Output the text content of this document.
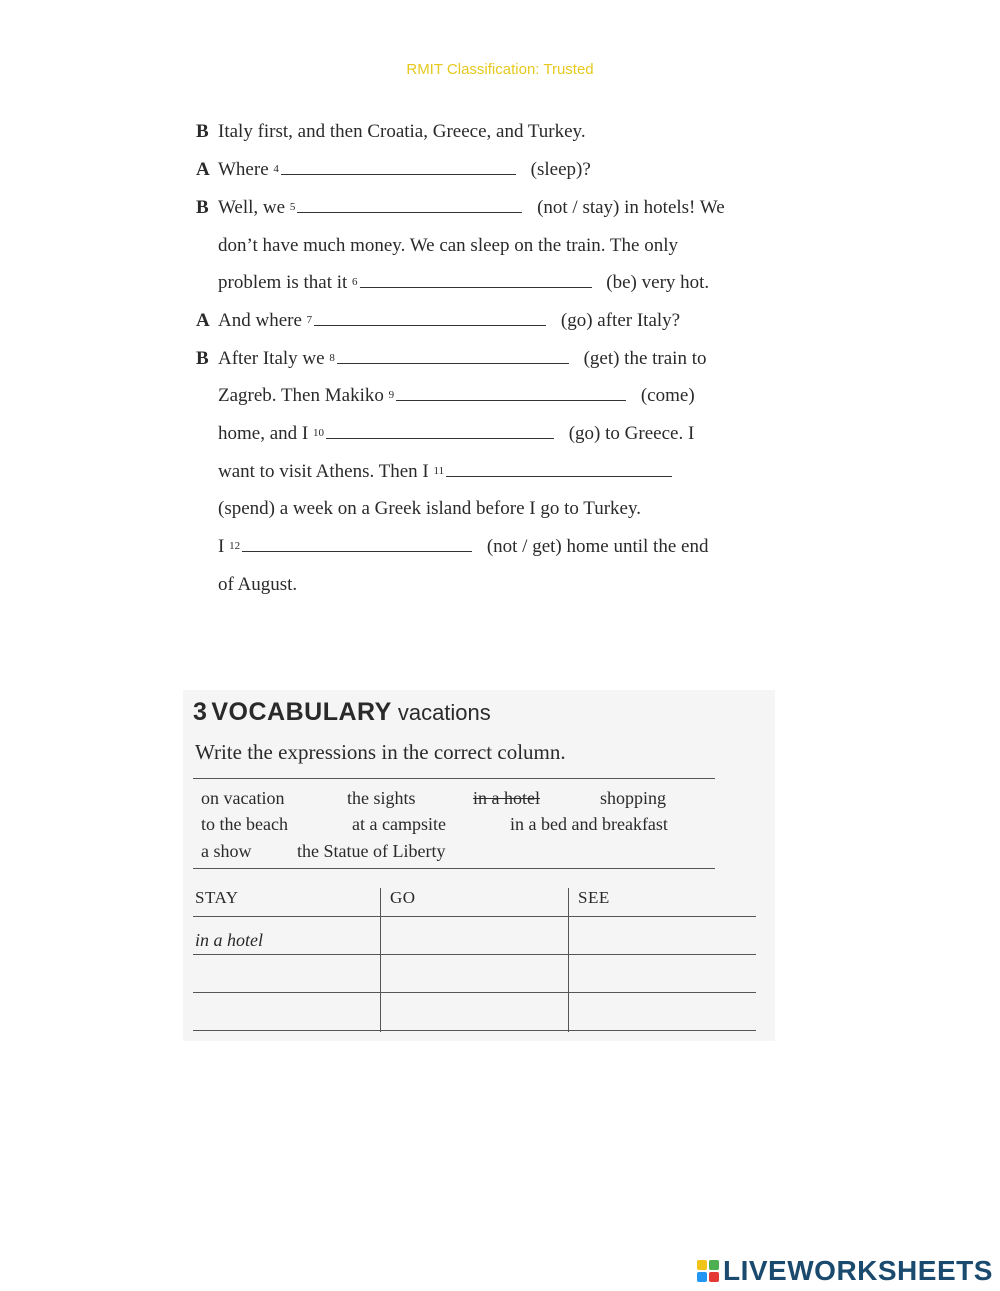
RMIT Classification: Trusted
B Italy first, and then Croatia, Greece, and Turkey.
A Where $^4$	(sleep)?
B Well, we $^5$	(not / stay) in hotels! We
don’t have much money. We can sleep on the train. The only
problem is that it $^6$	(be) very hot.
A And where $^7$	(go) after Italy?
B After Italy we $^8$	(get) the train to
Zagreb. Then Makiko $^9$	(come)
home, and I $^{10}$	(go) to Greece. I
want to visit Athens. Then I $^{11}$
(spend) a week on a Greek island before I go to Turkey.
I $^{12}$	(not / get) home until the end
of August.
3 VOCABULARY vacations
Write the expressions in the correct column.
on vacation	the sights	in a hotel	shopping
to the beach	at a campsite	in a bed and breakfast
a show	the Statue of Liberty
STAY	GO	SEE
in a hotel
LIVEWORKSHEETS
